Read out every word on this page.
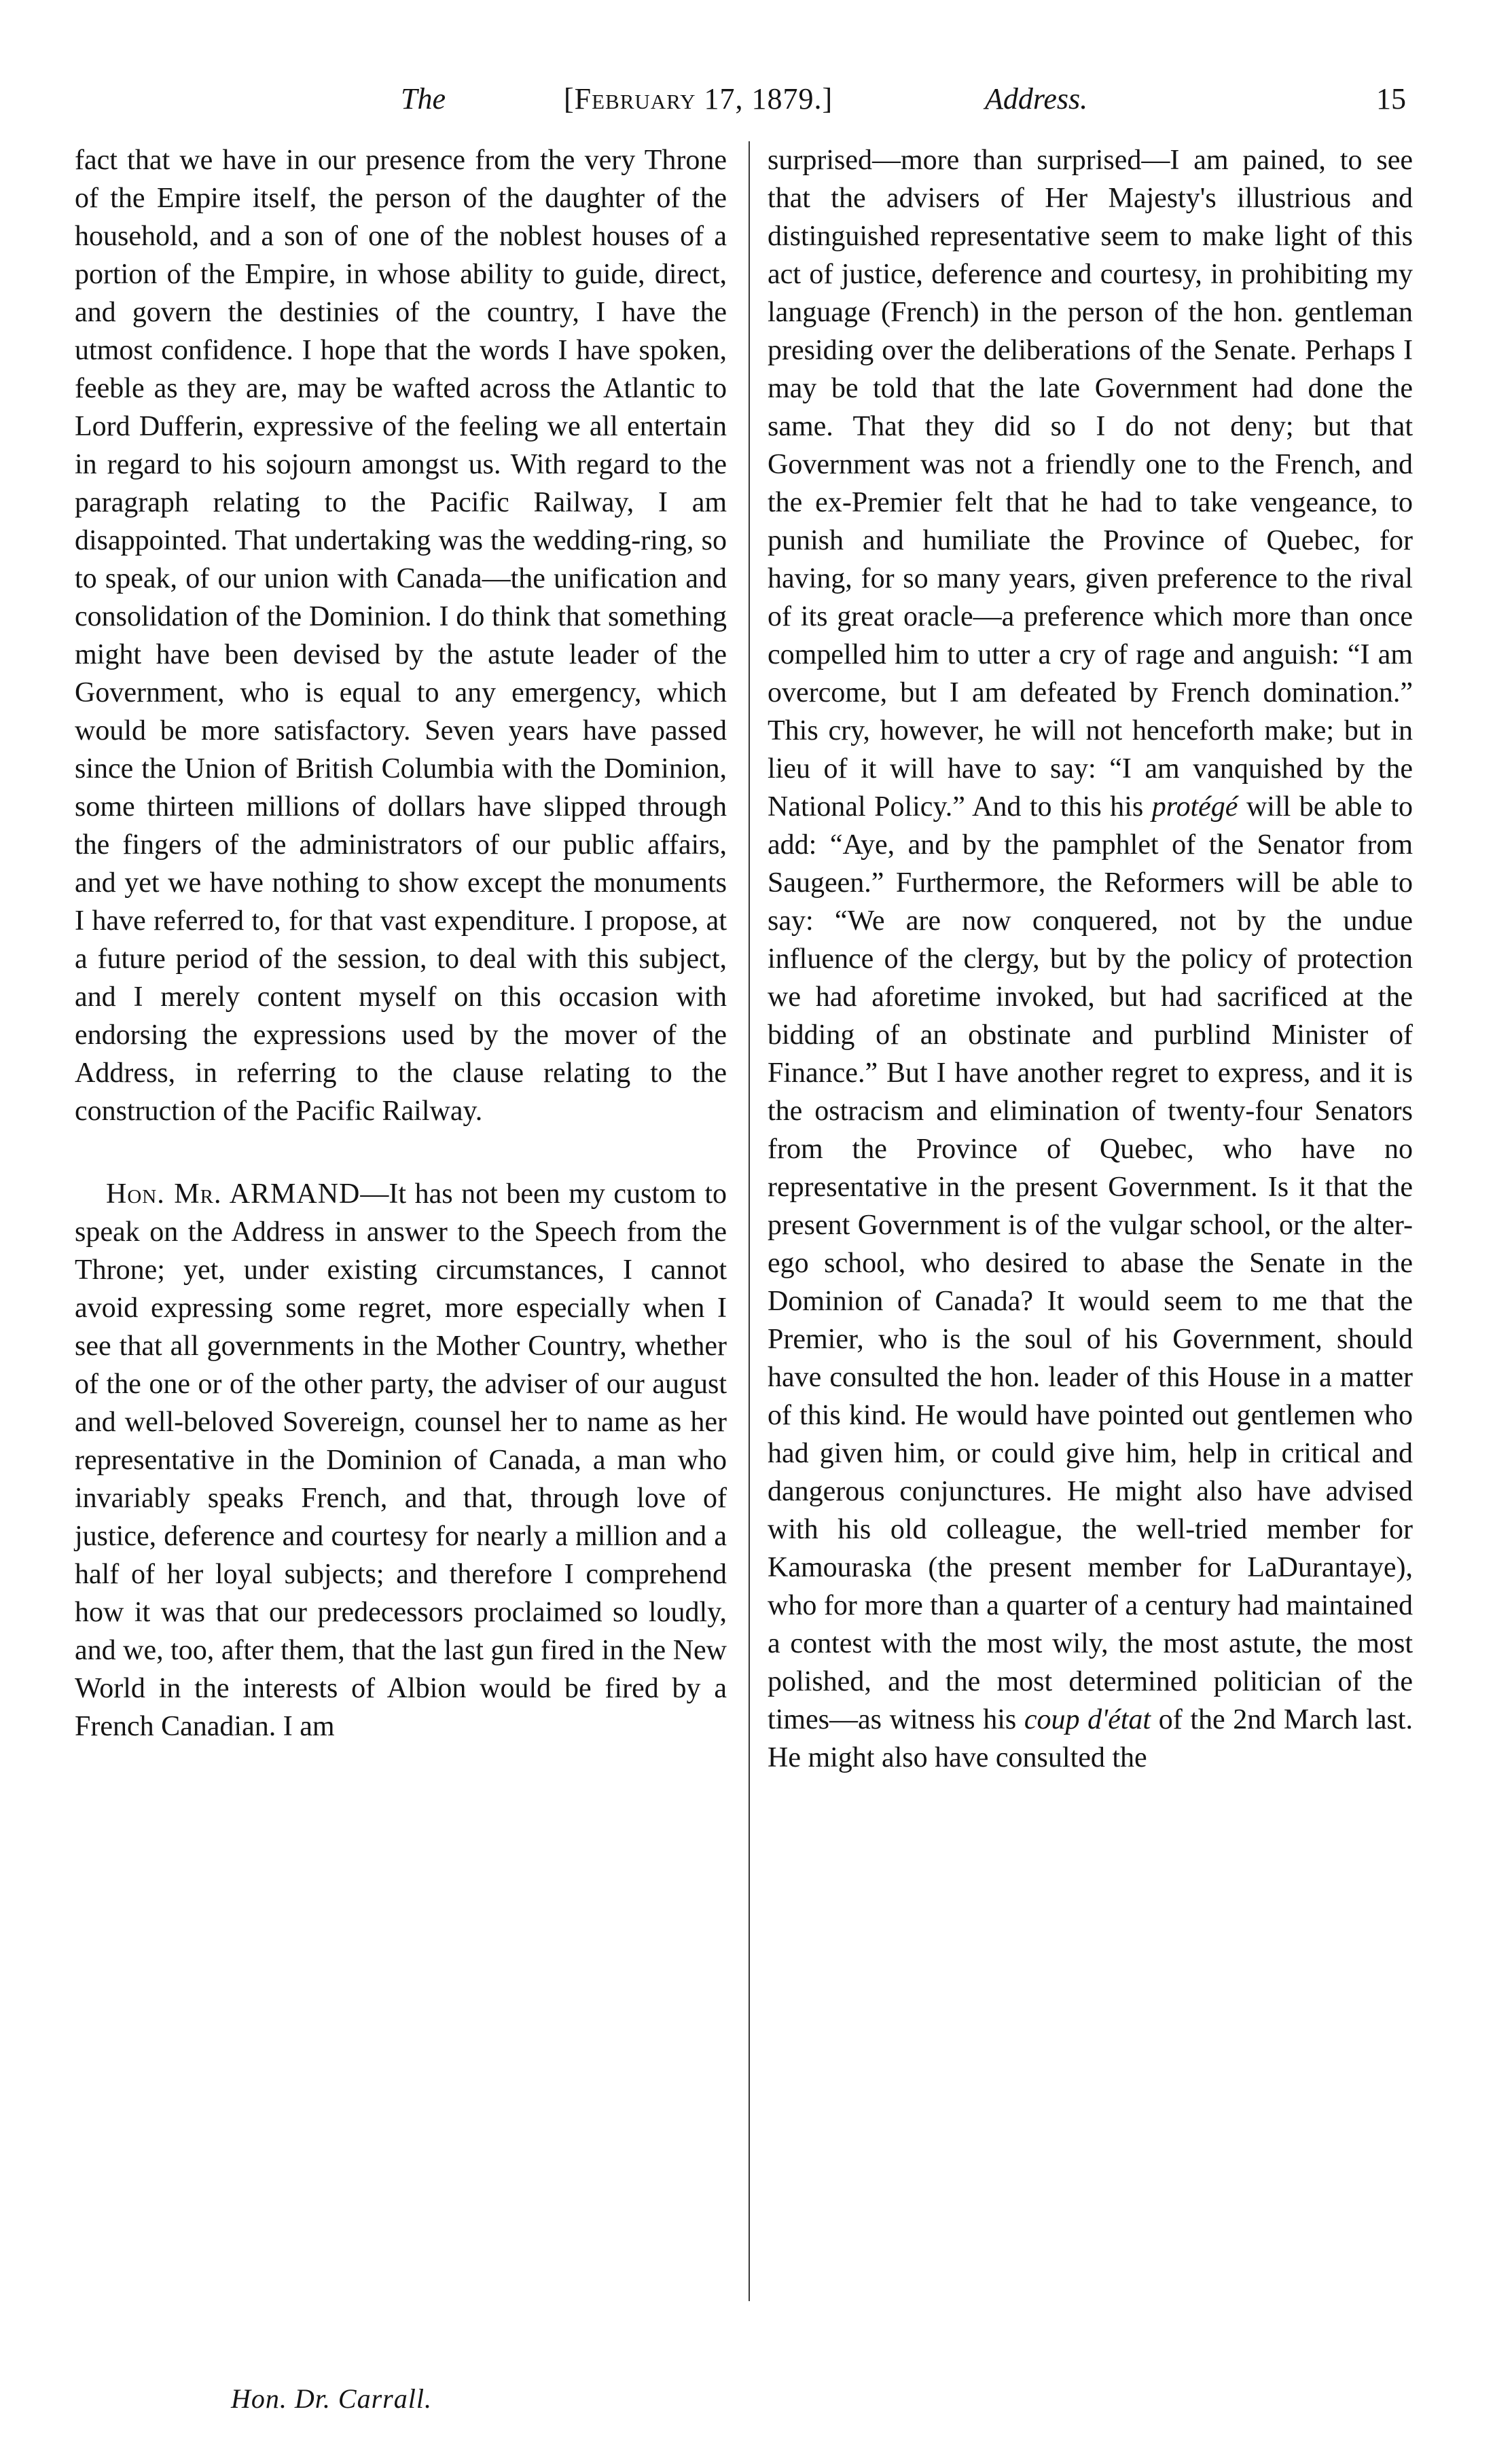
The	[February 17, 1879.]	Address.	15

fact that we have in our presence from the very Throne of the Empire itself, the person of the daughter of the household, and a son of one of the noblest houses of a portion of the Empire, in whose ability to guide, direct, and govern the destinies of the country, I have the utmost confidence. I hope that the words I have spoken, feeble as they are, may be wafted across the Atlantic to Lord Dufferin, expressive of the feeling we all entertain in regard to his sojourn amongst us. With regard to the paragraph relating to the Pacific Railway, I am disappointed. That undertaking was the wedding-ring, so to speak, of our union with Canada—the unification and consolidation of the Dominion. I do think that something might have been devised by the astute leader of the Government, who is equal to any emergency, which would be more satisfactory. Seven years have passed since the Union of British Columbia with the Dominion, some thirteen millions of dollars have slipped through the fingers of the administrators of our public affairs, and yet we have nothing to show except the monuments I have referred to, for that vast expenditure. I propose, at a future period of the session, to deal with this subject, and I merely content myself on this occasion with endorsing the expressions used by the mover of the Address, in referring to the clause relating to the construction of the Pacific Railway.

Hon. Mr. ARMAND—It has not been my custom to speak on the Address in answer to the Speech from the Throne; yet, under existing circumstances, I cannot avoid expressing some regret, more especially when I see that all governments in the Mother Country, whether of the one or of the other party, the adviser of our august and well-beloved Sovereign, counsel her to name as her representative in the Dominion of Canada, a man who invariably speaks French, and that, through love of justice, deference and courtesy for nearly a million and a half of her loyal subjects; and therefore I comprehend how it was that our predecessors proclaimed so loudly, and we, too, after them, that the last gun fired in the New World in the interests of Albion would be fired by a French Canadian. I am

surprised—more than surprised—I am pained, to see that the advisers of Her Majesty's illustrious and distinguished representative seem to make light of this act of justice, deference and courtesy, in prohibiting my language (French) in the person of the hon. gentleman presiding over the deliberations of the Senate. Perhaps I may be told that the late Government had done the same. That they did so I do not deny; but that Government was not a friendly one to the French, and the ex-Premier felt that he had to take vengeance, to punish and humiliate the Province of Quebec, for having, for so many years, given preference to the rival of its great oracle—a preference which more than once compelled him to utter a cry of rage and anguish: “I am overcome, but I am defeated by French domination.” This cry, however, he will not henceforth make; but in lieu of it will have to say: “I am vanquished by the National Policy.” And to this his protégé will be able to add: “Aye, and by the pamphlet of the Senator from Saugeen.” Furthermore, the Reformers will be able to say: “We are now conquered, not by the undue influence of the clergy, but by the policy of protection we had aforetime invoked, but had sacrificed at the bidding of an obstinate and purblind Minister of Finance.” But I have another regret to express, and it is the ostracism and elimination of twenty-four Senators from the Province of Quebec, who have no representative in the present Government. Is it that the present Government is of the vulgar school, or the alter-ego school, who desired to abase the Senate in the Dominion of Canada? It would seem to me that the Premier, who is the soul of his Government, should have consulted the hon. leader of this House in a matter of this kind. He would have pointed out gentlemen who had given him, or could give him, help in critical and dangerous conjunctures. He might also have advised with his old colleague, the well-tried member for Kamouraska (the present member for LaDurantaye), who for more than a quarter of a century had maintained a contest with the most wily, the most astute, the most polished, and the most determined politician of the times—as witness his coup d'état of the 2nd March last. He might also have consulted the

Hon. Dr. Carrall.
